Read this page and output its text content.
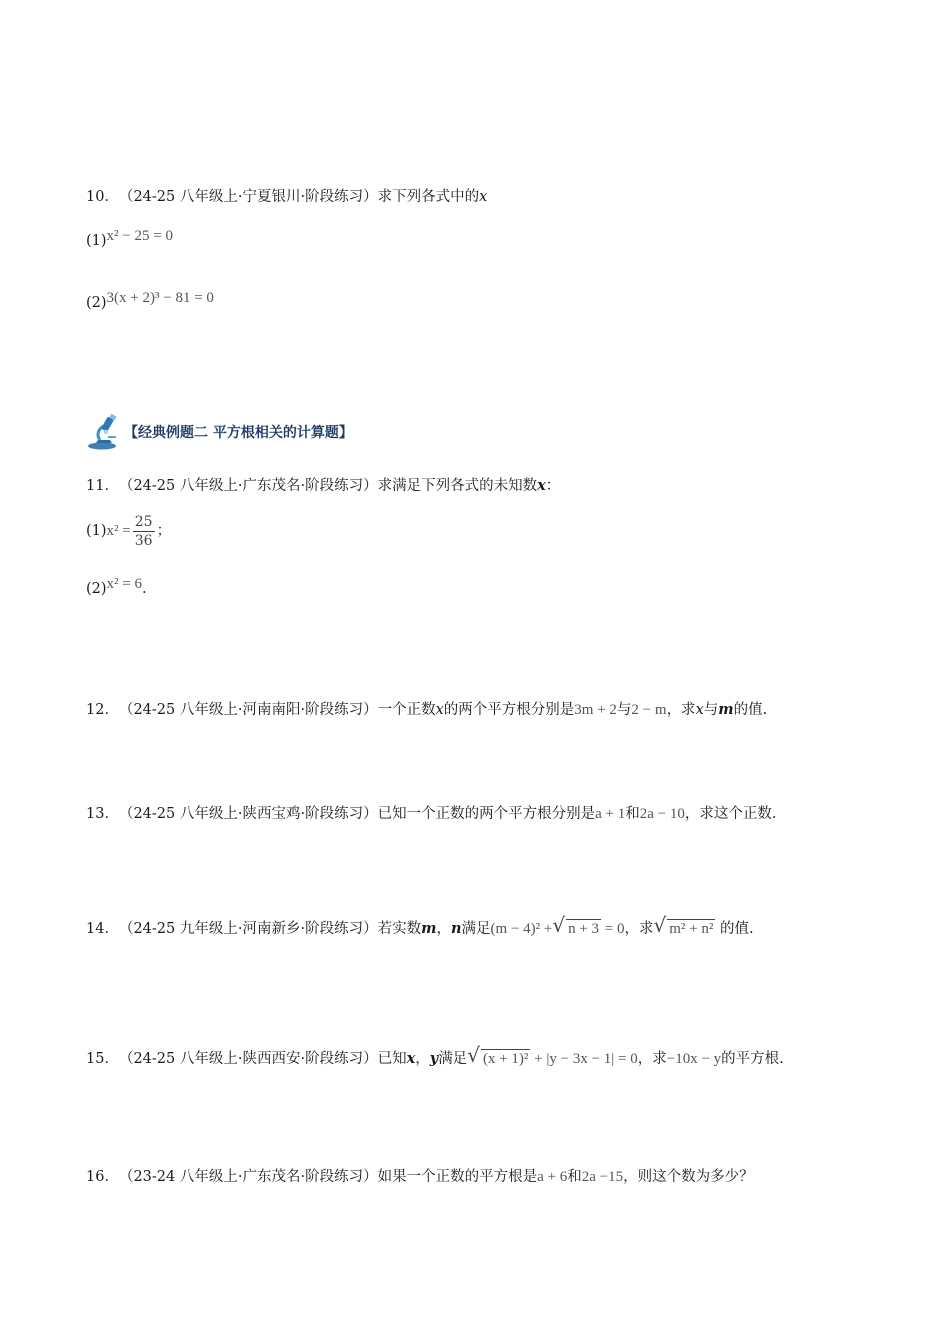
10．（24-25 八年级上·宁夏银川·阶段练习）求下列各式中的x
(1)x² − 25 = 0
(2)3(x + 2)³ − 81 = 0
【经典例题二 平方根相关的计算题】
11．（24-25 八年级上·广东茂名·阶段练习）求满足下列各式的未知数x：
$(1)x^2 = \frac{25}{36}$ ；
(2)x² = 6.
12．（24-25 八年级上·河南南阳·阶段练习）一个正数x的两个平方根分别是3m + 2与2 − m，求x与m的值.
13．（24-25 八年级上·陕西宝鸡·阶段练习）已知一个正数的两个平方根分别是a + 1和2a − 10，求这个正数.
14．（24-25 九年级上·河南新乡·阶段练习）若实数m，n满足(m − 4)² +√ n + 3 = 0，求√ m² + n² 的值.
15．（24-25 八年级上·陕西西安·阶段练习）已知x，y满足√ (x + 1)² + |y − 3x − 1| = 0，求−10x − y的平方根.
16．（23-24 八年级上·广东茂名·阶段练习）如果一个正数的平方根是a + 6和2a −15，则这个数为多少？
